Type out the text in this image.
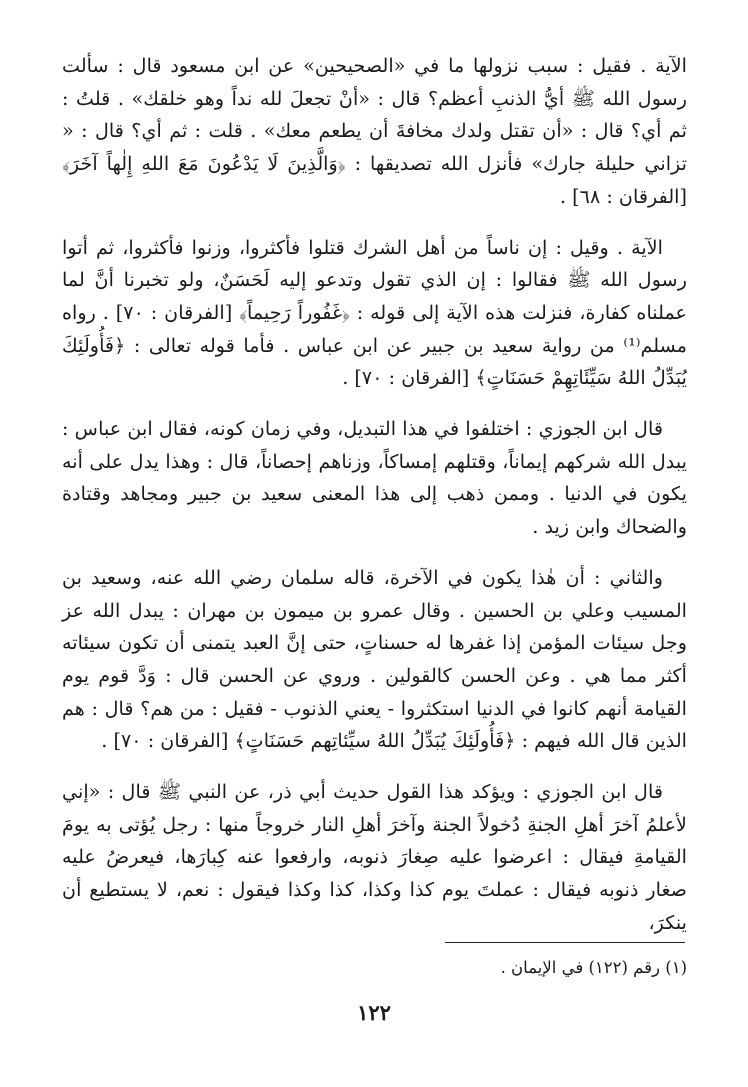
الآية . فقيل : سبب نزولها ما في «الصحيحين» عن ابن مسعود قال : سألت رسول الله ﷺ أيُّ الذنبِ أعظم؟ قال : «أنْ تجعلَ لله نداً وهو خلقك» . قلتُ : ثم أي؟ قال : «أن تقتل ولدك مخافةَ أن يطعم معك» . قلت : ثم أي؟ قال : « تزاني حليلة جارك» فأنزل الله تصديقها : ﴿وَالَّذِينَ لَا يَدْعُونَ مَعَ اللهِ إِلٰهاً آخَرَ﴾ [الفرقان : ٦٨] .

الآية . وقيل : إن ناساً من أهل الشرك قتلوا فأكثروا، وزنوا فأكثروا، ثم أتوا رسول الله ﷺ فقالوا : إن الذي تقول وتدعو إليه لَحَسَنٌ، ولو تخبرنا أنَّ لما عملناه كفارة، فنزلت هذه الآية إلى قوله : ﴿غَفُوراً رَحِيماً﴾ [الفرقان : ٧٠] . رواه مسلم⁽¹⁾ من رواية سعيد بن جبير عن ابن عباس . فأما قوله تعالى : ﴿فَأُولَئِكَ يُبَدِّلُ اللهُ سَيِّئَاتِهِمْ حَسَنَاتٍ﴾ [الفرقان : ٧٠] .

قال ابن الجوزي : اختلفوا في هذا التبديل، وفي زمان كونه، فقال ابن عباس : يبدل الله شركهم إيماناً، وقتلهم إمساكاً، وزناهم إحصاناً، قال : وهذا يدل على أنه يكون في الدنيا . وممن ذهب إلى هذا المعنى سعيد بن جبير ومجاهد وقتادة والضحاك وابن زيد .

والثاني : أن هٰذا يكون في الآخرة، قاله سلمان رضي الله عنه، وسعيد بن المسيب وعلي بن الحسين . وقال عمرو بن ميمون بن مهران : يبدل الله عز وجل سيئات المؤمن إذا غفرها له حسناتٍ، حتى إنَّ العبد يتمنى أن تكون سيئاته أكثر مما هي . وعن الحسن كالقولين . وروي عن الحسن قال : وَدَّ قوم يوم القيامة أنهم كانوا في الدنيا استكثروا - يعني الذنوب - فقيل : من هم؟ قال : هم الذين قال الله فيهم : ﴿فَأُولَئِكَ يُبَدِّلُ اللهُ سيِّئاتِهم حَسَنَاتٍ﴾ [الفرقان : ٧٠] .

قال ابن الجوزي : ويؤكد هذا القول حديث أبي ذر، عن النبي ﷺ قال : «إني لأعلمُ آخرَ أهلِ الجنةِ دُخولاً الجنة وآخرَ أهلِ النار خروجاً منها : رجل يُؤتى به يومَ القيامةِ فيقال : اعرضوا عليه صِغارَ ذنوبه، وارفعوا عنه كِبارَها، فيعرضُ عليه صغار ذنوبه فيقال : عملتَ يوم كذا وكذا، كذا وكذا فيقول : نعم، لا يستطيع أن ينكرَ،

(١) رقم (١٢٢) في الإيمان .
١٢٢
